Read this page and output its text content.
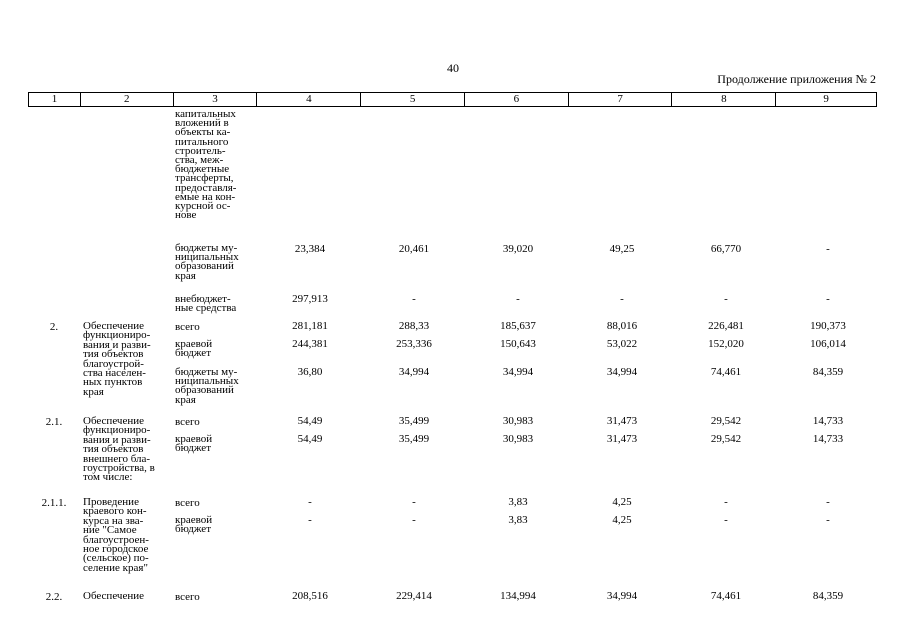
40
Продолжение приложения № 2
1	2	3	4	5	6	7	8	9
капитальных
вложений в
объекты ка-
питального
строитель-
ства, меж-
бюджетные
трансферты,
предоставля-
емые на кон-
курсной ос-
нове
бюджеты му-
ниципальных
образований
края
23,384	20,461	39,020	49,25	66,770	-
внебюджет-
ные средства
297,913	-	-	-	-	-
2.	Обеспечение
функциониро-
вания и разви-
тия объектов
благоустрой-
ства населен-
ных пунктов
края
всего	281,181	288,33	185,637	88,016	226,481	190,373
краевой
бюджет
244,381	253,336	150,643	53,022	152,020	106,014
бюджеты му-
ниципальных
образований
края
36,80	34,994	34,994	34,994	74,461	84,359
2.1.	Обеспечение
функциониро-
вания и разви-
тия объектов
внешнего бла-
гоустройства, в
том числе:
всего	54,49	35,499	30,983	31,473	29,542	14,733
краевой
бюджет
54,49	35,499	30,983	31,473	29,542	14,733
2.1.1.	Проведение
краевого кон-
курса на зва-
ние "Самое
благоустроен-
ное городское
(сельское) по-
селение края"
всего	-	-	3,83	4,25	-	-
краевой
бюджет
-	-	3,83	4,25	-	-
2.2.	Обеспечение	всего	208,516	229,414	134,994	34,994	74,461	84,359
